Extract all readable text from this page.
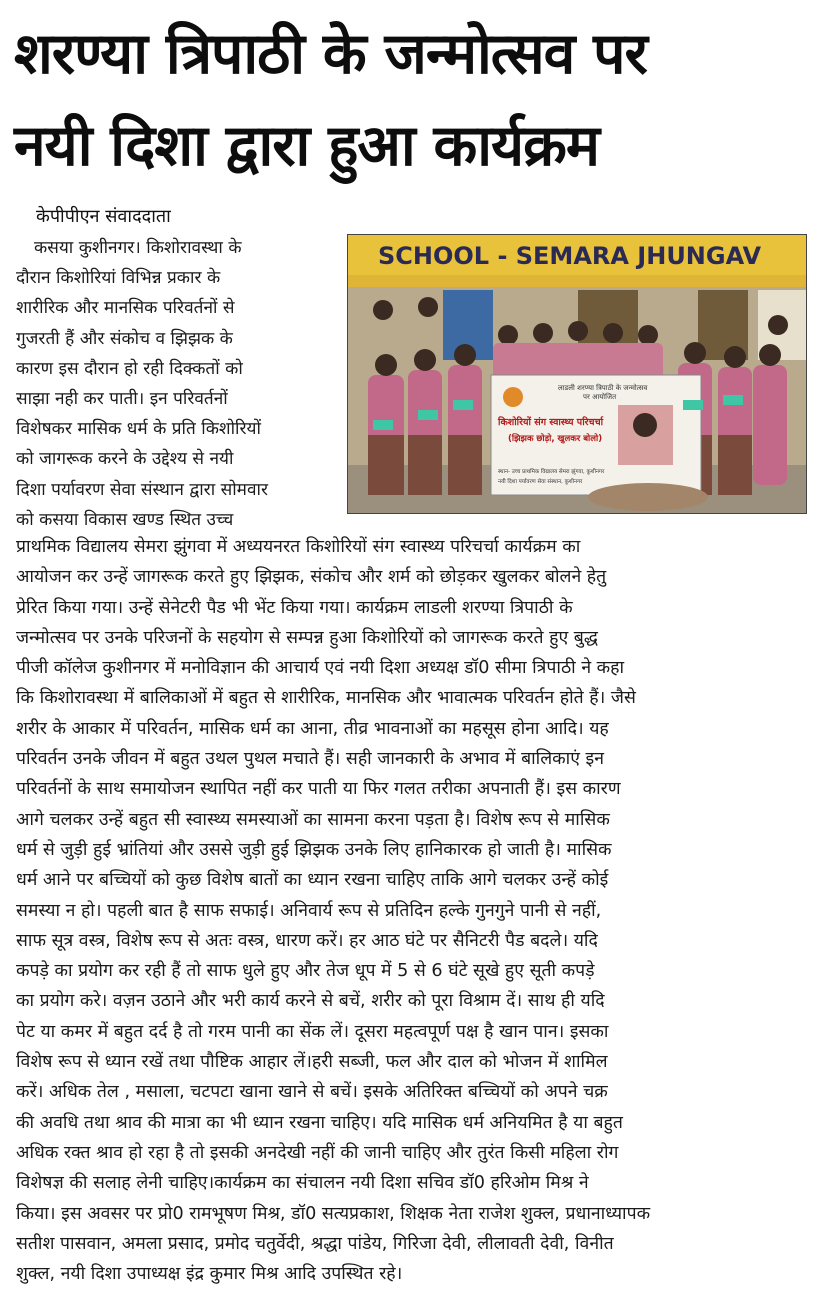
शरण्या त्रिपाठी के जन्मोत्सव पर
नयी दिशा द्वारा हुआ कार्यक्रम
केपीपीएन संवाददाता
कसया कुशीनगर। किशोरावस्था के
दौरान किशोरियां विभिन्न प्रकार के
शारीरिक और मानसिक परिवर्तनों से
गुजरती हैं और संकोच व झिझक के
कारण इस दौरान हो रही दिक्कतों को
साझा नही कर पाती। इन परिवर्तनों
विशेषकर मासिक धर्म के प्रति किशोरियों
को जागरूक करने के उद्देश्य से नयी
दिशा पर्यावरण सेवा संस्थान द्वारा सोमवार
को कसया विकास खण्ड स्थित उच्च
SCHOOL - SEMARA JHUNGAV
लाडली शरण्या त्रिपाठी के जन्मोत्सव
पर आयोजित
किशोरियों संग स्वास्थ्य परिचर्चा
(झिझक छोड़ो, खुलकर बोलो)
स्थान- उच्च प्राथमिक विद्यालय सेमरा झुंगवा, कुशीनगर
नयी दिशा पर्यावरण सेवा संस्थान, कुशीनगर
प्राथमिक विद्यालय सेमरा झुंगवा में अध्ययनरत किशोरियों संग स्वास्थ्य परिचर्चा कार्यक्रम का
आयोजन कर उन्हें जागरूक करते हुए झिझक, संकोच और शर्म को छोड़कर खुलकर बोलने हेतु
प्रेरित किया गया। उन्हें सेनेटरी पैड भी भेंट किया गया। कार्यक्रम लाडली शरण्या त्रिपाठी के
जन्मोत्सव पर उनके परिजनों के सहयोग से सम्पन्न हुआ किशोरियों को जागरूक करते हुए बुद्ध
पीजी कॉलेज कुशीनगर में मनोविज्ञान की आचार्य एवं नयी दिशा अध्यक्ष डॉ0 सीमा त्रिपाठी ने कहा
कि किशोरावस्था में बालिकाओं में बहुत से शारीरिक, मानसिक और भावात्मक परिवर्तन होते हैं। जैसे
शरीर के आकार में परिवर्तन, मासिक धर्म का आना, तीव्र भावनाओं का महसूस होना आदि। यह
परिवर्तन उनके जीवन में बहुत उथल पुथल मचाते हैं। सही जानकारी के अभाव में बालिकाएं इन
परिवर्तनों के साथ समायोजन स्थापित नहीं कर पाती या फिर गलत तरीका अपनाती हैं। इस कारण
आगे चलकर उन्हें बहुत सी स्वास्थ्य समस्याओं का सामना करना पड़ता है। विशेष रूप से मासिक
धर्म से जुड़ी हुई भ्रांतियां और उससे जुड़ी हुई झिझक उनके लिए हानिकारक हो जाती है। मासिक
धर्म आने पर बच्चियों को कुछ विशेष बातों का ध्यान रखना चाहिए ताकि आगे चलकर उन्हें कोई
समस्या न हो। पहली बात है साफ सफाई। अनिवार्य रूप से प्रतिदिन हल्के गुनगुने पानी से नहीं,
साफ सूत्र वस्त्र, विशेष रूप से अतः वस्त्र, धारण करें। हर आठ घंटे पर सैनिटरी पैड बदले। यदि
कपड़े का प्रयोग कर रही हैं तो साफ धुले हुए और तेज धूप में 5 से 6 घंटे सूखे हुए सूती कपड़े
का प्रयोग करे। वज़न उठाने और भरी कार्य करने से बचें, शरीर को पूरा विश्राम दें। साथ ही यदि
पेट या कमर में बहुत दर्द है तो गरम पानी का सेंक लें। दूसरा महत्वपूर्ण पक्ष है खान पान। इसका
विशेष रूप से ध्यान रखें तथा पौष्टिक आहार लें।हरी सब्जी, फल और दाल को भोजन में शामिल
करें। अधिक तेल , मसाला, चटपटा खाना खाने से बचें। इसके अतिरिक्त बच्चियों को अपने चक्र
की अवधि तथा श्राव की मात्रा का भी ध्यान रखना चाहिए। यदि मासिक धर्म अनियमित है या बहुत
अधिक रक्त श्राव हो रहा है तो इसकी अनदेखी नहीं की जानी चाहिए और तुरंत किसी महिला रोग
विशेषज्ञ की सलाह लेनी चाहिए।कार्यक्रम का संचालन नयी दिशा सचिव डॉ0 हरिओम मिश्र ने
किया। इस अवसर पर प्रो0 रामभूषण मिश्र, डॉ0 सत्यप्रकाश, शिक्षक नेता राजेश शुक्ल, प्रधानाध्यापक
सतीश पासवान, अमला प्रसाद, प्रमोद चतुर्वेदी, श्रद्धा पांडेय, गिरिजा देवी, लीलावती देवी, विनीत
शुक्ल, नयी दिशा उपाध्यक्ष इंद्र कुमार मिश्र आदि उपस्थित रहे।
